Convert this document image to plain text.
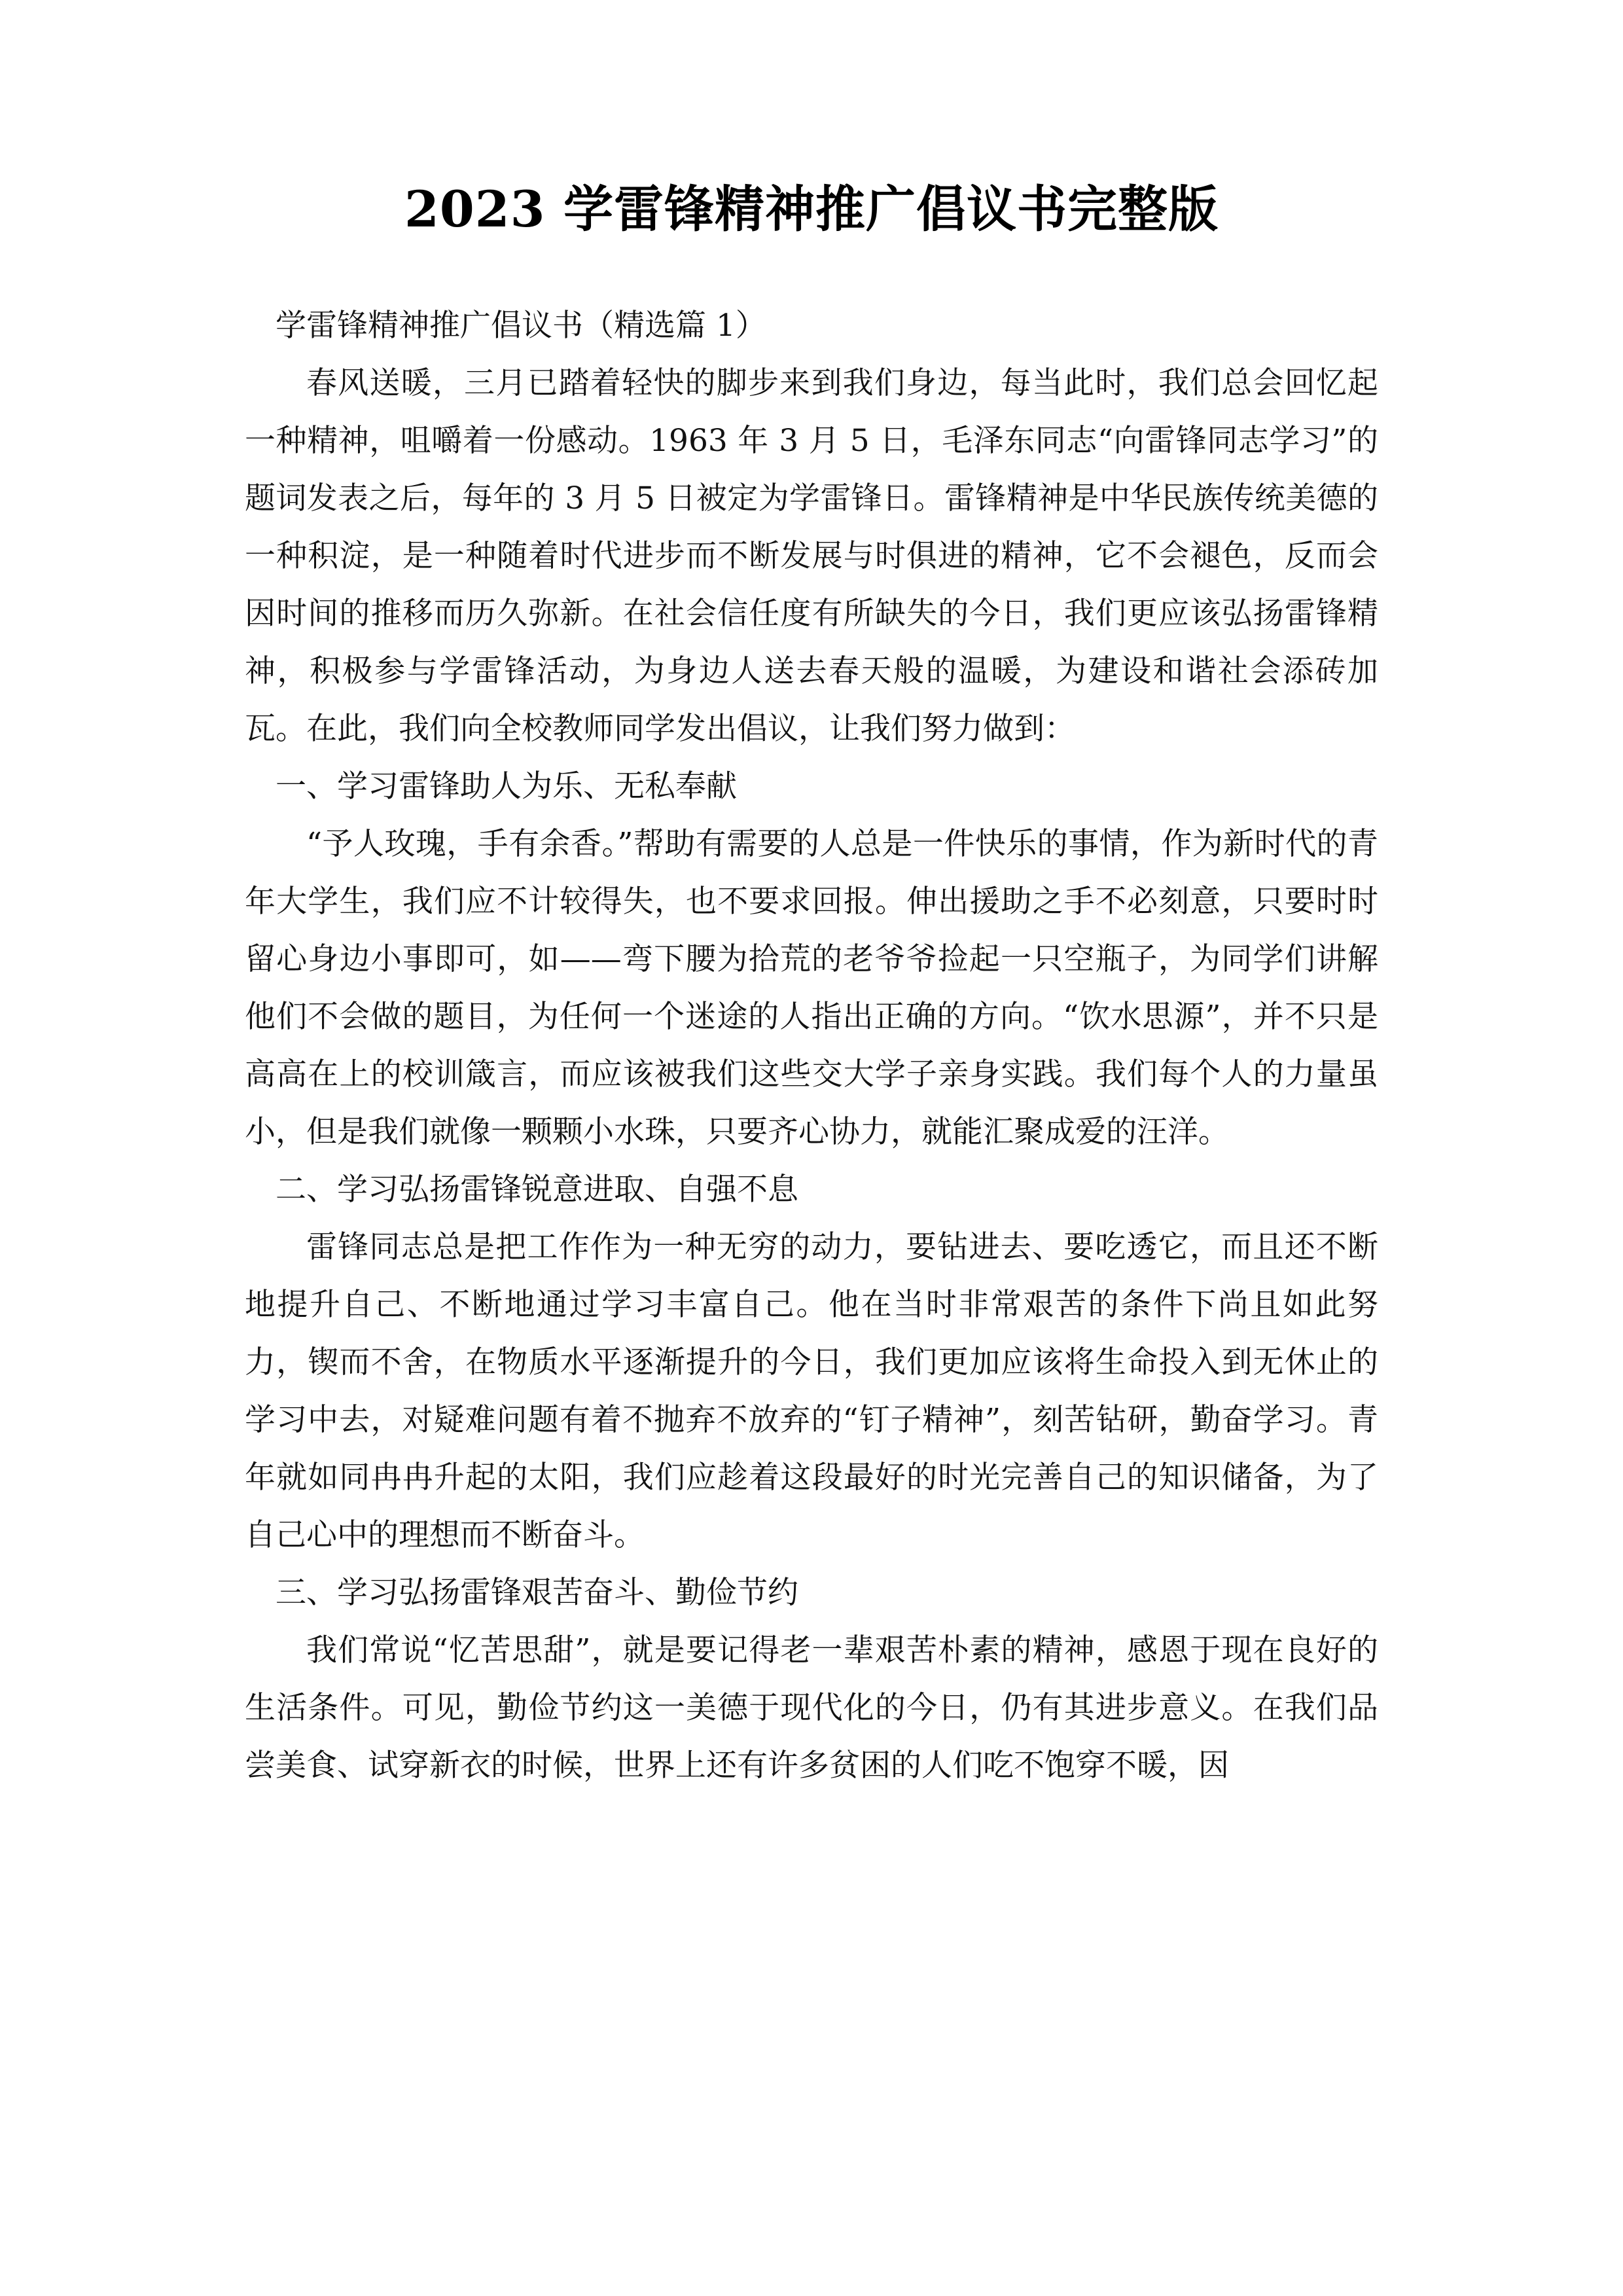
2023 学雷锋精神推广倡议书完整版

学雷锋精神推广倡议书（精选篇 1）

春风送暖，三月已踏着轻快的脚步来到我们身边，每当此时，我们总会回忆起一种精神，咀嚼着一份感动。1963 年 3 月 5 日，毛泽东同志“向雷锋同志学习”的题词发表之后，每年的 3 月 5 日被定为学雷锋日。雷锋精神是中华民族传统美德的一种积淀，是一种随着时代进步而不断发展与时俱进的精神，它不会褪色，反而会因时间的推移而历久弥新。在社会信任度有所缺失的今日，我们更应该弘扬雷锋精神，积极参与学雷锋活动，为身边人送去春天般的温暖，为建设和谐社会添砖加瓦。在此，我们向全校教师同学发出倡议，让我们努力做到：

一、学习雷锋助人为乐、无私奉献

“予人玫瑰，手有余香。”帮助有需要的人总是一件快乐的事情，作为新时代的青年大学生，我们应不计较得失，也不要求回报。伸出援助之手不必刻意，只要时时留心身边小事即可，如——弯下腰为拾荒的老爷爷捡起一只空瓶子，为同学们讲解他们不会做的题目，为任何一个迷途的人指出正确的方向。“饮水思源”，并不只是高高在上的校训箴言，而应该被我们这些交大学子亲身实践。我们每个人的力量虽小，但是我们就像一颗颗小水珠，只要齐心协力，就能汇聚成爱的汪洋。

二、学习弘扬雷锋锐意进取、自强不息

雷锋同志总是把工作作为一种无穷的动力，要钻进去、要吃透它，而且还不断地提升自己、不断地通过学习丰富自己。他在当时非常艰苦的条件下尚且如此努力，锲而不舍，在物质水平逐渐提升的今日，我们更加应该将生命投入到无休止的学习中去，对疑难问题有着不抛弃不放弃的“钉子精神”，刻苦钻研，勤奋学习。青年就如同冉冉升起的太阳，我们应趁着这段最好的时光完善自己的知识储备，为了自己心中的理想而不断奋斗。

三、学习弘扬雷锋艰苦奋斗、勤俭节约

我们常说“忆苦思甜”，就是要记得老一辈艰苦朴素的精神，感恩于现在良好的生活条件。可见，勤俭节约这一美德于现代化的今日，仍有其进步意义。在我们品尝美食、试穿新衣的时候，世界上还有许多贫困的人们吃不饱穿不暖，因
